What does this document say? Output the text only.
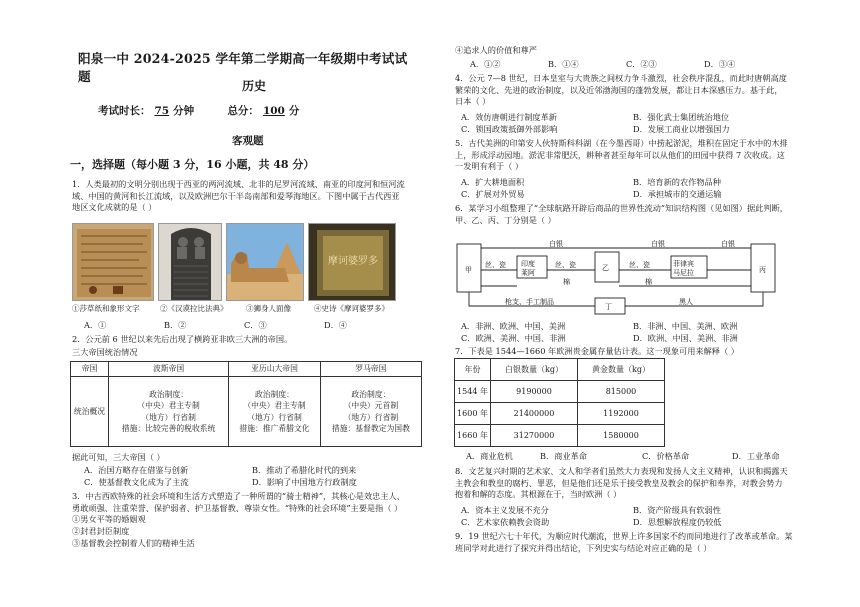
阳泉一中 2024-2025 学年第二学期高一年级期中考试试题
历史
考试时长： 75 分钟	总分： 100 分
客观题
一，选择题（每小题 3 分，16 小题，共 48 分）
1．人类最初的文明分别出现于西亚的两河流域、北非的尼罗河流域、南亚的印度河和恒河流
域、中国的黄河和长江流域，以及欧洲巴尔干半岛南部和爱琴海地区。下图中属于古代西亚
地区文化成就的是（ ）
摩诃婆罗多
①莎草纸和象形文字	②《汉谟拉比法典》	③狮身人面像	④史诗《摩诃婆罗多》
A．①	B．②	C．③	D．④
2．公元前 6 世纪以来先后出现了横跨亚非欧三大洲的帝国。
三大帝国统治情况
帝国	波斯帝国	亚历山大帝国	罗马帝国
统治概况	政治制度：
（中央）君主专制
（地方）行省制
措施：比较完善的税收系统	政治制度：
（中央）君主专制
（地方）行省制
措施：推广希腊文化	政治制度：
（中央）元首制
（地方）行省制
措施：基督教定为国教
据此可知，三大帝国（ ）
A．治国方略存在借鉴与创新	B．推动了希腊化时代的到来
C．使基督教文化成为了主流	D．影响了中国地方行政制度
3．中古西欧特殊的社会环境和生活方式塑造了一种所谓的“骑士精神”，其核心是效忠主人、
勇敢顽强、注重荣誉、保护弱者、护卫基督教、尊崇女性。“特殊的社会环境”主要是指（ ）
①男女平等的婚姻观
②封君封臣制度
③基督教会控制着人们的精神生活
④追求人的价值和尊严
A．①②	B．①④	C．②③	D．③④
4．公元 7—8 世纪，日本皇室与大贵族之间权力争斗激烈，社会秩序混乱，而此时唐朝高度
繁荣的文化、先进的政治制度，以及近邻渤海国的蓬勃发展，都让日本深感压力。基于此，
日本（ ）
A．效仿唐朝进行制度革新	B．强化武士集团统治地位
C．锁国政策抵御外部影响	D．发展工商业以增强国力
5．古代美洲的印第安人伙特斯科科湖（在今墨西哥）中捞起淤泥，堆积在固定于水中的木排
上，形成浮动园地。淤泥非常肥沃，耕种者甚至每年可以从他们的田园中获得 7 次收成。这
一发明有利于（ ）
A．扩大耕地面积	B．培育新的农作物品种
C．扩展对外贸易	D．承担城市的交通运输
6．某学习小组整理了“全球航路开辟后商品的世界性流动”知识结构图（见如图）据此判断，
甲、乙、丙、丁分别是（ ）
甲	乙	丙
丁
白银	白银	白银
丝、瓷	丝、瓷	丝、瓷
印度莱阿
菲律宾马尼拉
棉	棉
枪支、手工制品	黑人
A．非洲、欧洲、中国、美洲	B．非洲、中国、美洲、欧洲
C．欧洲、美洲、中国、非洲	D．欧洲、中国、美洲、非洲
7．下表是 1544—1660 年欧洲贵金属存量估计表。这一现象可用来解释（ ）
年份	白银数量（kg）	黄金数量（kg）
1544 年	9190000	815000
1600 年	21400000	1192000
1660 年	31270000	1580000
A．商业危机	B．商业革命	C．价格革命	D．工业革命
8．文艺复兴时期的艺术家、文人和学者们虽然大力表现和发扬人文主义精神，认识和揭露天
主教会和教皇的腐朽、罪恶，但是他们还是乐于接受教皇及教会的保护和奉养，对教会势力
抱着和解的态度。其根源在于，当时欧洲（ ）
A．资本主义发展不充分	B．资产阶级具有软弱性
C．艺术家依赖教会资助	D．思想解放程度仍较低
9．19 世纪六七十年代，为顺应时代潮流，世界上许多国家不约而同地进行了改革或革命。某
班同学对此进行了探究并得出结论，下列史实与结论对应正确的是（ ）
